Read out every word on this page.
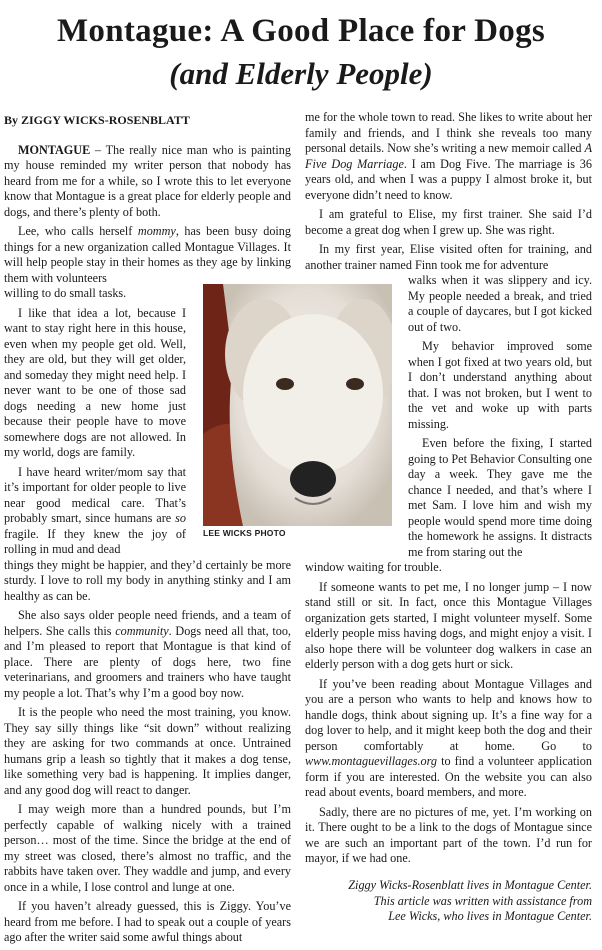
Montague: A Good Place for Dogs
(and Elderly People)

By ZIGGY WICKS-ROSENBLATT

MONTAGUE – The really nice man who is painting my house reminded my writer person that nobody has heard from me for a while, so I wrote this to let everyone know that Montague is a great place for elderly people and dogs, and there’s plenty of both.

Lee, who calls herself mommy, has been busy doing things for a new organization called Montague Villages. It will help people stay in their homes as they age by linking them with volunteers

willing to do small tasks.

I like that idea a lot, because I want to stay right here in this house, even when my people get old. Well, they are old, but they will get older, and someday they might need help. I never want to be one of those sad dogs needing a new home just because their people have to move somewhere dogs are not allowed. In my world, dogs are family.

I have heard writer/mom say that it’s important for older people to live near good medical care. That’s probably smart, since humans are so fragile. If they knew the joy of rolling in mud and dead

things they might be happier, and they’d certainly be more sturdy. I love to roll my body in anything stinky and I am healthy as can be.

She also says older people need friends, and a team of helpers. She calls this community. Dogs need all that, too, and I’m pleased to report that Montague is that kind of place. There are plenty of dogs here, two fine veterinarians, and groomers and trainers who have taught my people a lot. That’s why I’m a good boy now.

It is the people who need the most training, you know. They say silly things like “sit down” without realizing they are asking for two commands at once. Untrained humans grip a leash so tightly that it makes a dog tense, like something very bad is happening. It implies danger, and any good dog will react to danger.

I may weigh more than a hundred pounds, but I’m perfectly capable of walking nicely with a trained person… most of the time. Since the bridge at the end of my street was closed, there’s almost no traffic, and the rabbits have taken over. They waddle and jump, and every once in a while, I lose control and lunge at one.

If you haven’t already guessed, this is Ziggy. You’ve heard from me before. I had to speak out a couple of years ago after the writer said some awful things about

me for the whole town to read. She likes to write about her family and friends, and I think she reveals too many personal details. Now she’s writing a new memoir called A Five Dog Marriage. I am Dog Five. The marriage is 36 years old, and when I was a puppy I almost broke it, but everyone didn’t need to know.

I am grateful to Elise, my first trainer. She said I’d become a great dog when I grew up. She was right.

In my first year, Elise visited often for training, and another trainer named Finn took me for adventure

walks when it was slippery and icy. My people needed a break, and tried a couple of daycares, but I got kicked out of two.

My behavior improved some when I got fixed at two years old, but I don’t understand anything about that. I was not broken, but I went to the vet and woke up with parts missing.

Even before the fixing, I started going to Pet Behavior Consulting one day a week. They gave me the chance I needed, and that’s where I met Sam. I love him and wish my people would spend more time doing the homework he assigns. It distracts me from staring out the

window waiting for trouble.

If someone wants to pet me, I no longer jump – I now stand still or sit. In fact, once this Montague Villages organization gets started, I might volunteer myself. Some elderly people miss having dogs, and might enjoy a visit. I also hope there will be volunteer dog walkers in case an elderly person with a dog gets hurt or sick.

If you’ve been reading about Montague Villages and you are a person who wants to help and knows how to handle dogs, think about signing up. It’s a fine way for a dog lover to help, and it might keep both the dog and their person comfortably at home. Go to www.montaguevillages.org to find a volunteer application form if you are interested. On the website you can also read about events, board members, and more.

Sadly, there are no pictures of me, yet. I’m working on it. There ought to be a link to the dogs of Montague since we are such an important part of the town. I’d run for mayor, if we had one.

LEE WICKS PHOTO
Ziggy Wicks-Rosenblatt lives in Montague Center.
This article was written with assistance from
Lee Wicks, who lives in Montague Center.
